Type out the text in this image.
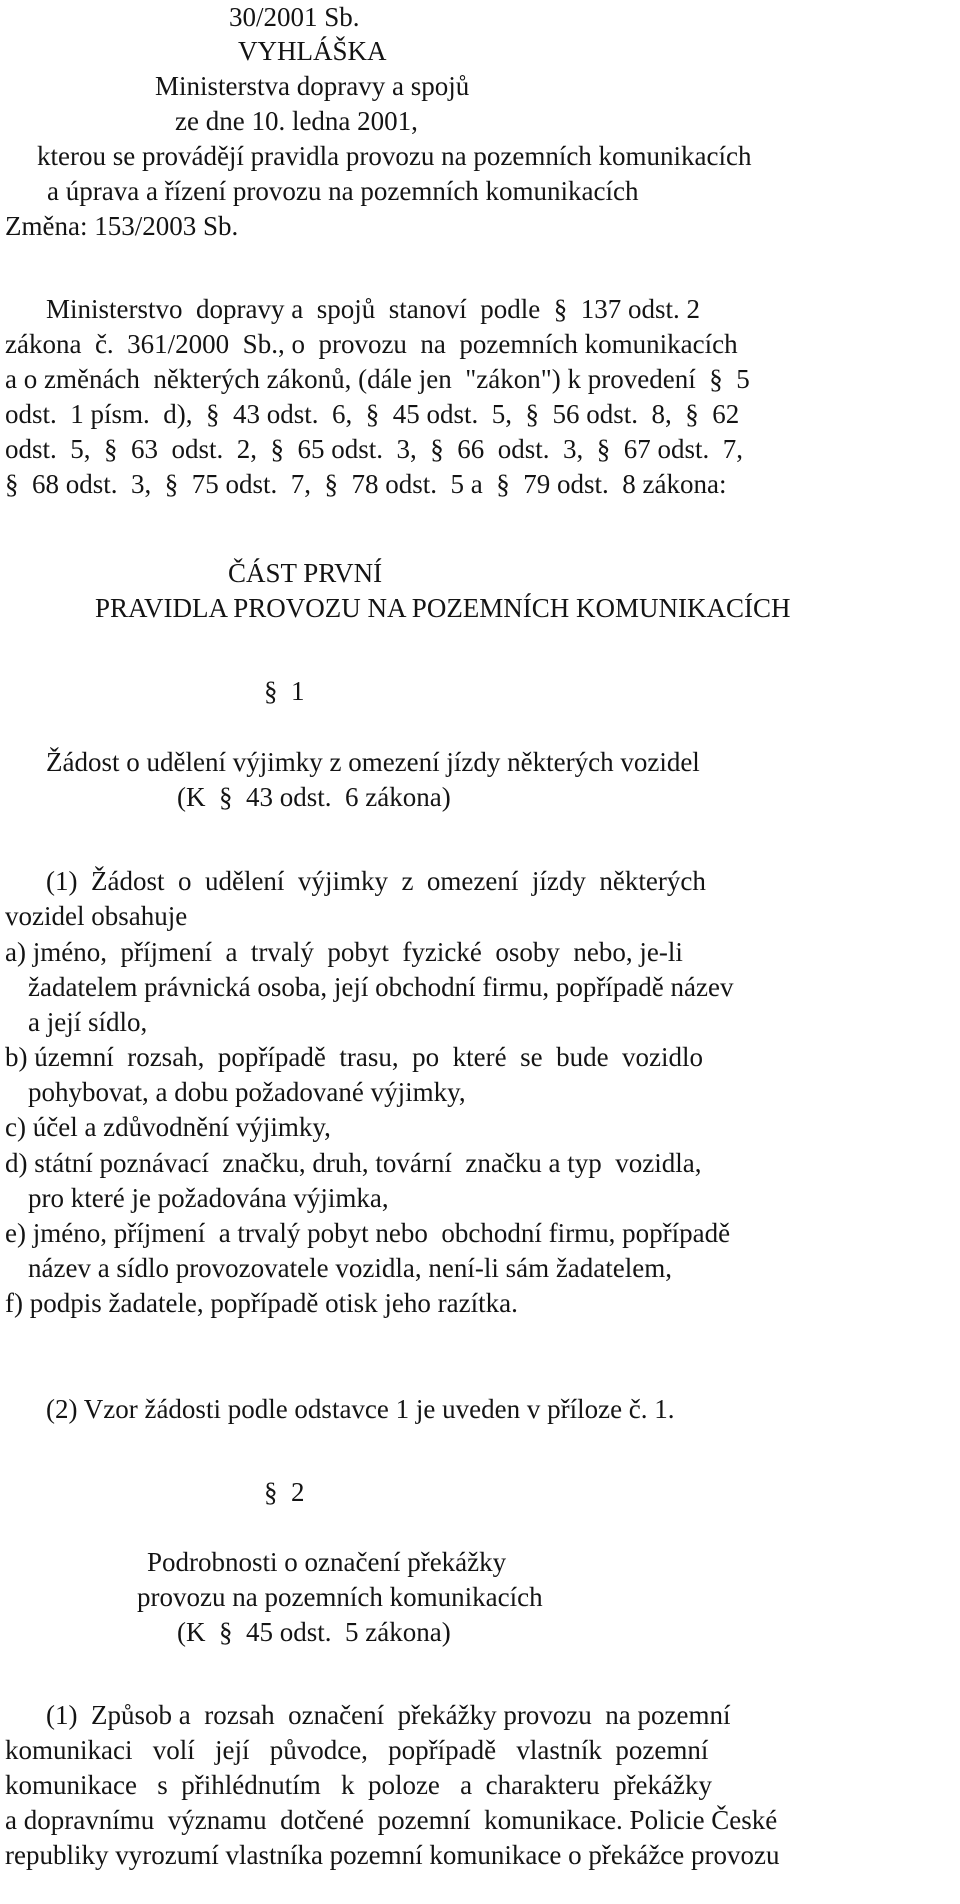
30/2001 Sb.

VYHLÁŠKA

Ministerstva dopravy a spojů

ze dne 10. ledna 2001,

kterou se provádějí pravidla provozu na pozemních komunikacích

a úprava a řízení provozu na pozemních komunikacích

Změna: 153/2003 Sb.

Ministerstvo  dopravy a  spojů  stanoví  podle  §  137 odst. 2

zákona  č.  361/2000  Sb., o  provozu  na  pozemních komunikacích

a o změnách  některých zákonů, (dále jen  "zákon") k provedení  §  5

odst.  1 písm.  d),  §  43 odst.  6,  §  45 odst.  5,  §  56 odst.  8,  §  62

odst.  5,  §  63  odst.  2,  §  65 odst.  3,  §  66  odst.  3,  §  67 odst.  7,

§  68 odst.  3,  §  75 odst.  7,  §  78 odst.  5 a  §  79 odst.  8 zákona:

ČÁST PRVNÍ

PRAVIDLA PROVOZU NA POZEMNÍCH KOMUNIKACÍCH

§  1

Žádost o udělení výjimky z omezení jízdy některých vozidel

(K  §  43 odst.  6 zákona)

(1)  Žádost  o  udělení  výjimky  z  omezení  jízdy  některých

vozidel obsahuje

a) jméno,  příjmení  a  trvalý  pobyt  fyzické  osoby  nebo, je-li

žadatelem právnická osoba, její obchodní firmu, popřípadě název

a její sídlo,

b) územní  rozsah,  popřípadě  trasu,  po  které  se  bude  vozidlo

pohybovat, a dobu požadované výjimky,

c) účel a zdůvodnění výjimky,

d) státní poznávací  značku, druh, tovární  značku a typ  vozidla,

pro které je požadována výjimka,

e) jméno, příjmení  a trvalý pobyt nebo  obchodní firmu, popřípadě

název a sídlo provozovatele vozidla, není-li sám žadatelem,

f) podpis žadatele, popřípadě otisk jeho razítka.

(2) Vzor žádosti podle odstavce 1 je uveden v příloze č. 1.

§  2

Podrobnosti o označení překážky

provozu na pozemních komunikacích

(K  §  45 odst.  5 zákona)

(1)  Způsob a  rozsah  označení  překážky provozu  na pozemní

komunikaci   volí   její   původce,   popřípadě   vlastník  pozemní

komunikace   s  přihlédnutím   k  poloze   a  charakteru  překážky

a dopravnímu  významu  dotčené  pozemní  komunikace. Policie České

republiky vyrozumí vlastníka pozemní komunikace o překážce provozu
